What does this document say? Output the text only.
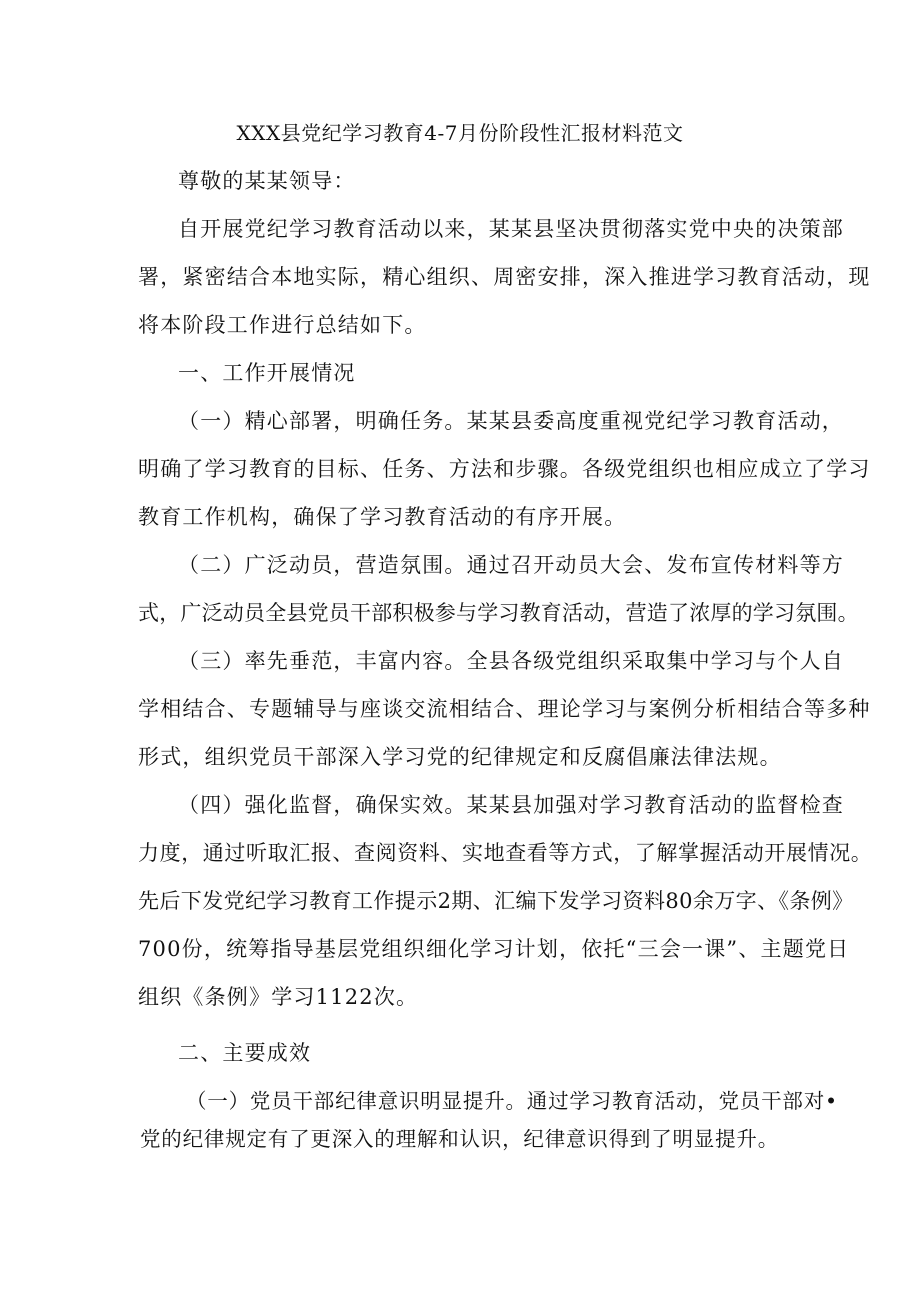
XXX县党纪学习教育4-7月份阶段性汇报材料范文
尊敬的某某领导：
自开展党纪学习教育活动以来，某某县坚决贯彻落实党中央的决策部
署，紧密结合本地实际，精心组织、周密安排，深入推进学习教育活动，现
将本阶段工作进行总结如下。
一、工作开展情况
（一）精心部署，明确任务。某某县委高度重视党纪学习教育活动，
明确了学习教育的目标、任务、方法和步骤。各级党组织也相应成立了学习
教育工作机构，确保了学习教育活动的有序开展。
（二）广泛动员，营造氛围。通过召开动员大会、发布宣传材料等方
式，广泛动员全县党员干部积极参与学习教育活动，营造了浓厚的学习氛围。
（三）率先垂范，丰富内容。全县各级党组织采取集中学习与个人自
学相结合、专题辅导与座谈交流相结合、理论学习与案例分析相结合等多种
形式，组织党员干部深入学习党的纪律规定和反腐倡廉法律法规。
（四）强化监督，确保实效。某某县加强对学习教育活动的监督检查
力度，通过听取汇报、查阅资料、实地查看等方式，了解掌握活动开展情况。
先后下发党纪学习教育工作提示2期、汇编下发学习资料80余万字、《条例》
700份，统筹指导基层党组织细化学习计划，依托“三会一课”、主题党日
组织《条例》学习1122次。
二、主要成效
（一）党员干部纪律意识明显提升。通过学习教育活动，党员干部对•
党的纪律规定有了更深入的理解和认识，纪律意识得到了明显提升。
